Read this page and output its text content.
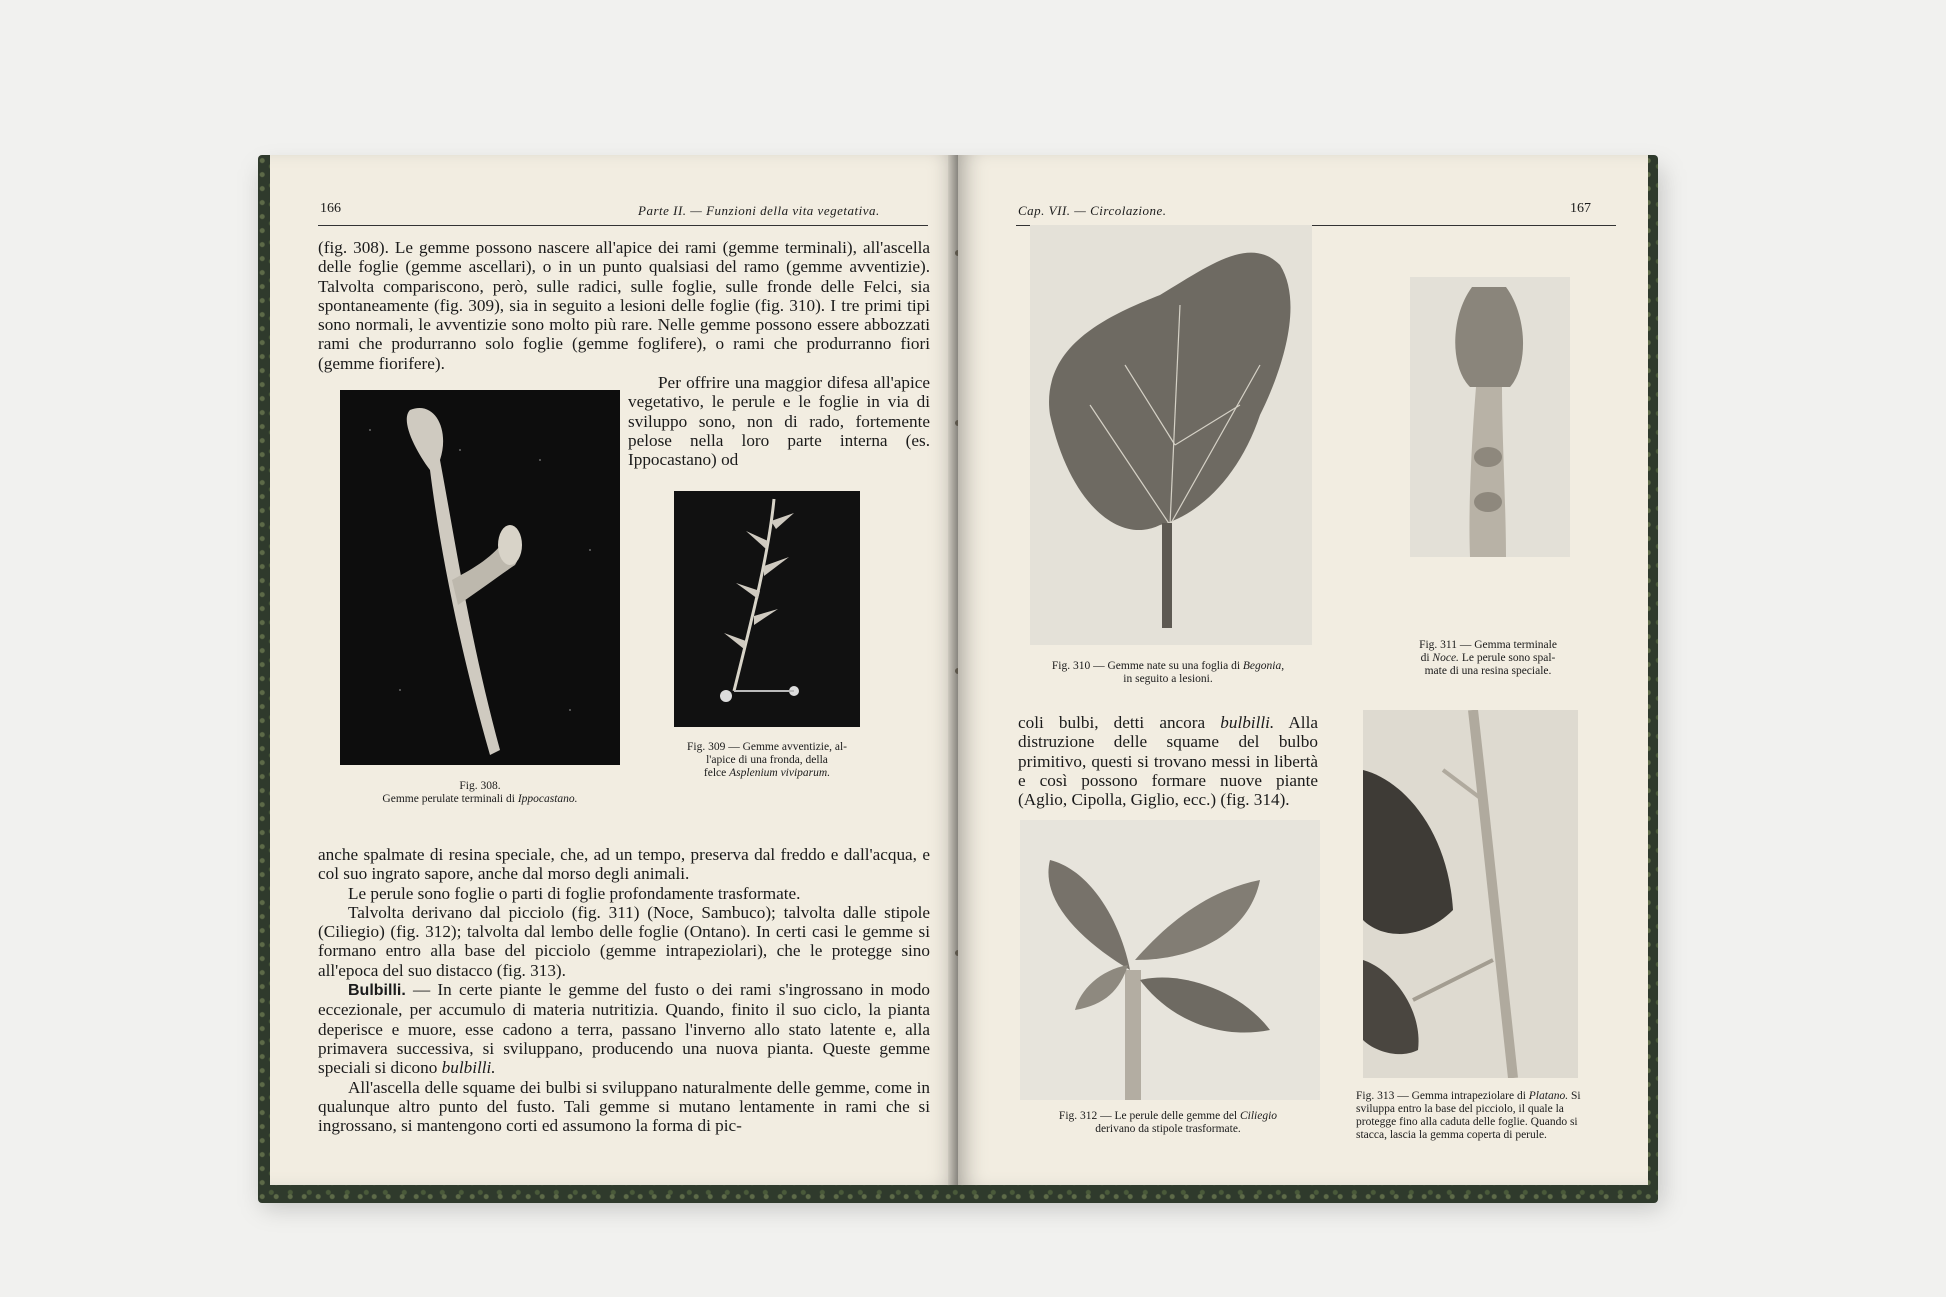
166	Parte II. — Funzioni della vita vegetativa.

(fig. 308). Le gemme possono nascere all'apice dei rami (gemme terminali), all'ascella delle foglie (gemme ascellari), o in un punto qualsiasi del ramo (gemme avventizie). Talvolta compariscono, però, sulle radici, sulle foglie, sulle fronde delle Felci, sia spontaneamente (fig. 309), sia in seguito a lesioni delle foglie (fig. 310). I tre primi tipi sono normali, le avventizie sono molto più rare. Nelle gemme possono essere abbozzati rami che produrranno solo foglie (gemme foglifere), o rami che produrranno fiori (gemme fiorifere).

Fig. 308.
Gemme perulate terminali di Ippocastano.

Per offrire una maggior difesa all'apice vegetativo, le perule e le foglie in via di sviluppo sono, non di rado, fortemente pelose nella loro parte interna (es. Ippocastano) od

Fig. 309 — Gemme avventizie, al-
l'apice di una fronda, della
felce Asplenium viviparum.

anche spalmate di resina speciale, che, ad un tempo, preserva dal freddo e dall'acqua, e col suo ingrato sapore, anche dal morso degli animali.

Le perule sono foglie o parti di foglie profondamente trasformate.

Talvolta derivano dal picciolo (fig. 311) (Noce, Sambuco); talvolta dalle stipole (Ciliegio) (fig. 312); talvolta dal lembo delle foglie (Ontano). In certi casi le gemme si formano entro alla base del picciolo (gemme intrapeziolari), che le protegge sino all'epoca del suo distacco (fig. 313).

Bulbilli. — In certe piante le gemme del fusto o dei rami s'ingrossano in modo eccezionale, per accumulo di materia nutritizia. Quando, finito il suo ciclo, la pianta deperisce e muore, esse cadono a terra, passano l'inverno allo stato latente e, alla primavera successiva, si sviluppano, producendo una nuova pianta. Queste gemme speciali si dicono bulbilli.

All'ascella delle squame dei bulbi si sviluppano naturalmente delle gemme, come in qualunque altro punto del fusto. Tali gemme si mutano lentamente in rami che si ingrossano, si mantengono corti ed assumono la forma di pic-

Cap. VII. — Circolazione.	167
Fig. 310 — Gemme nate su una foglia di Begonia,
in seguito a lesioni.
Fig. 311 — Gemma terminale
di Noce. Le perule sono spal-
mate di una resina speciale.

coli bulbi, detti ancora bulbilli. Alla distruzione delle squame del bulbo primitivo, questi si trovano messi in libertà e così possono formare nuove piante (Aglio, Cipolla, Giglio, ecc.) (fig. 314).

Fig. 312 — Le perule delle gemme del Ciliegio
derivano da stipole trasformate.
Fig. 313 — Gemma intrapeziolare di Platano. Si sviluppa entro la base del picciolo, il quale la protegge fino alla caduta delle foglie. Quando si stacca, lascia la gemma coperta di perule.
